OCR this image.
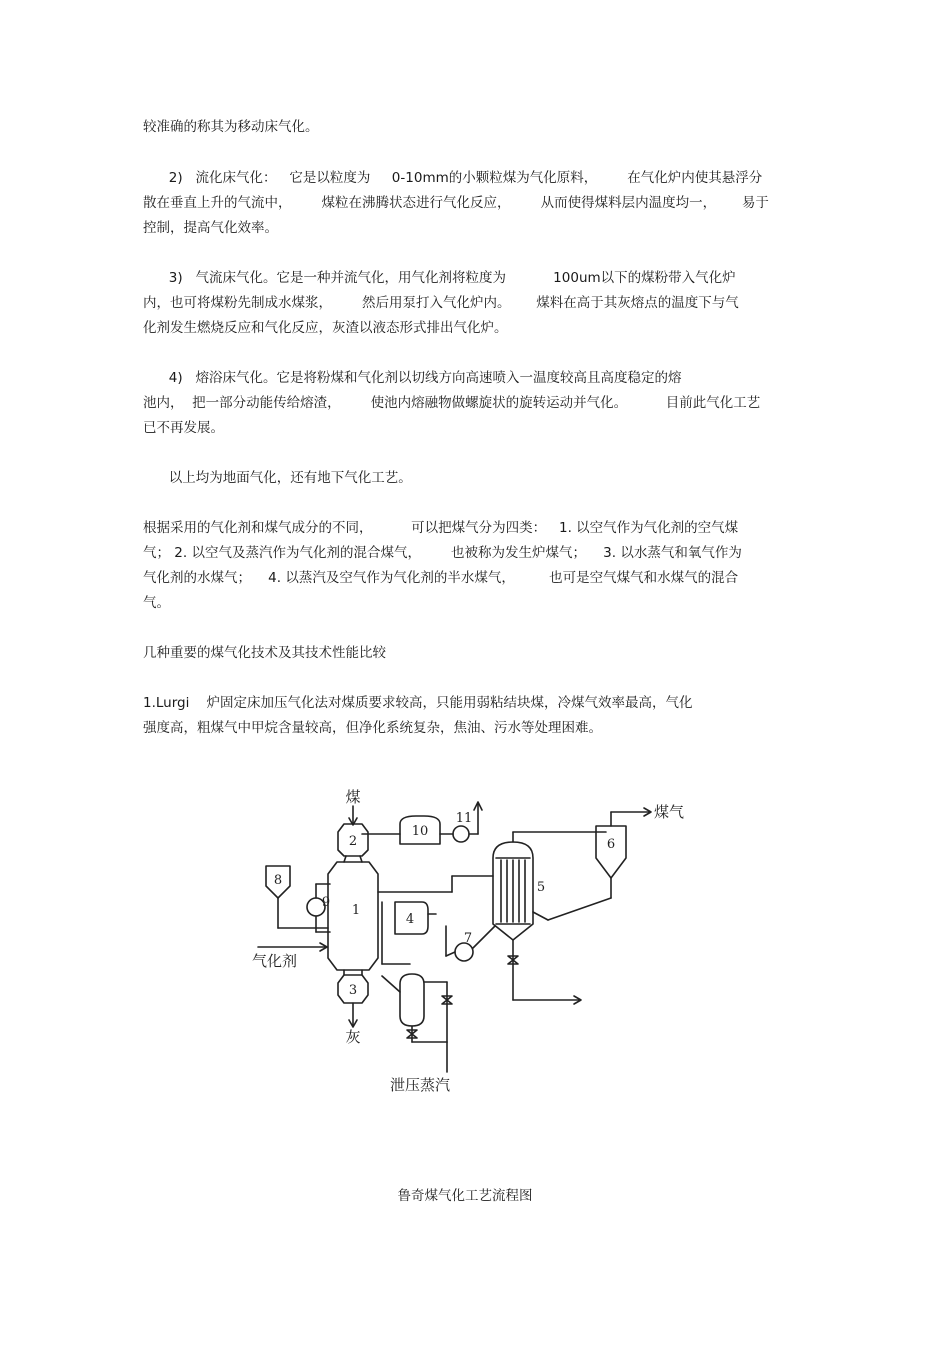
较准确的称其为移动床气化。
2)   流化床气化：   它是以粒度为     0-10mm的小颗粒煤为气化原料，       在气化炉内使其悬浮分
散在垂直上升的气流中，       煤粒在沸腾状态进行气化反应，       从而使得煤料层内温度均一，      易于
控制，提高气化效率。
3)   气流床气化。它是一种并流气化，用气化剂将粒度为           100um以下的煤粉带入气化炉
内，也可将煤粉先制成水煤浆，       然后用泵打入气化炉内。      煤料在高于其灰熔点的温度下与气
化剂发生燃烧反应和气化反应，灰渣以液态形式排出气化炉。
4)   熔浴床气化。它是将粉煤和气化剂以切线方向高速喷入一温度较高且高度稳定的熔
池内，  把一部分动能传给熔渣，       使池内熔融物做螺旋状的旋转运动并气化。         目前此气化工艺
已不再发展。
以上均为地面气化，还有地下气化工艺。
根据采用的气化剂和煤气成分的不同，         可以把煤气分为四类：   1. 以空气作为气化剂的空气煤
气； 2. 以空气及蒸汽作为气化剂的混合煤气，       也被称为发生炉煤气；    3. 以水蒸气和氧气作为
气化剂的水煤气；    4. 以蒸汽及空气作为气化剂的半水煤气，        也可是空气煤气和水煤气的混合
气。
几种重要的煤气化技术及其技术性能比较
1.Lurgi    炉固定床加压气化法对煤质要求较高，只能用弱粘结块煤，冷煤气效率最高，气化
强度高，粗煤气中甲烷含量较高，但净化系统复杂，焦油、污水等处理困难。
煤
气化剂
灰
煤气
泄压蒸汽
1
2
3
4
5
6
7
8
9
10
11
鲁奇煤气化工艺流程图
